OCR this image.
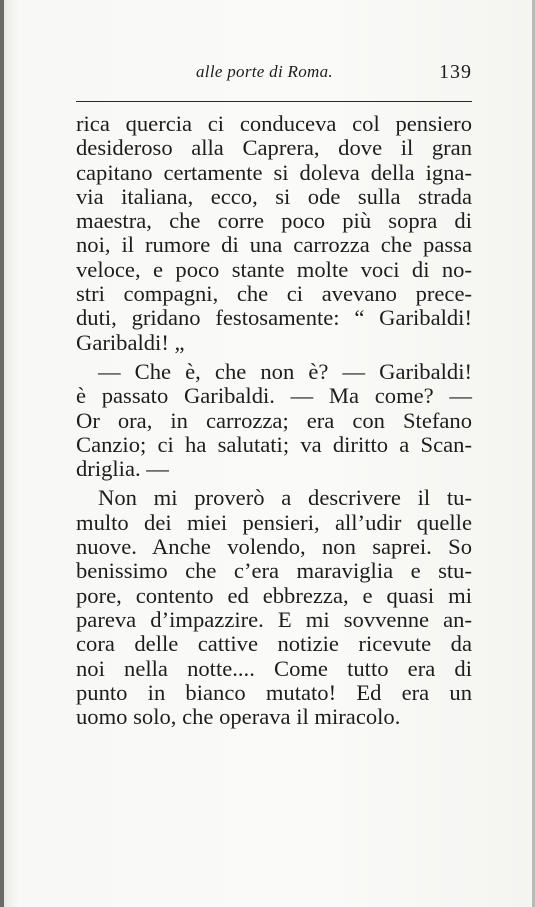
alle porte di Roma.	139
rica quercia ci conduceva col pensiero
desideroso alla Caprera, dove il gran
capitano certamente si doleva della igna-
via italiana, ecco, si ode sulla strada
maestra, che corre poco più sopra di
noi, il rumore di una carrozza che passa
veloce, e poco stante molte voci di no-
stri compagni, che ci avevano prece-
duti, gridano festosamente: “ Garibaldi!
Garibaldi! „
— Che è, che non è? — Garibaldi!
è passato Garibaldi. — Ma come? —
Or ora, in carrozza; era con Stefano
Canzio; ci ha salutati; va diritto a Scan-
driglia. —
Non mi proverò a descrivere il tu-
multo dei miei pensieri, all’udir quelle
nuove. Anche volendo, non saprei. So
benissimo che c’era maraviglia e stu-
pore, contento ed ebbrezza, e quasi mi
pareva d’impazzire. E mi sovvenne an-
cora delle cattive notizie ricevute da
noi nella notte.... Come tutto era di
punto in bianco mutato! Ed era un
uomo solo, che operava il miracolo.
